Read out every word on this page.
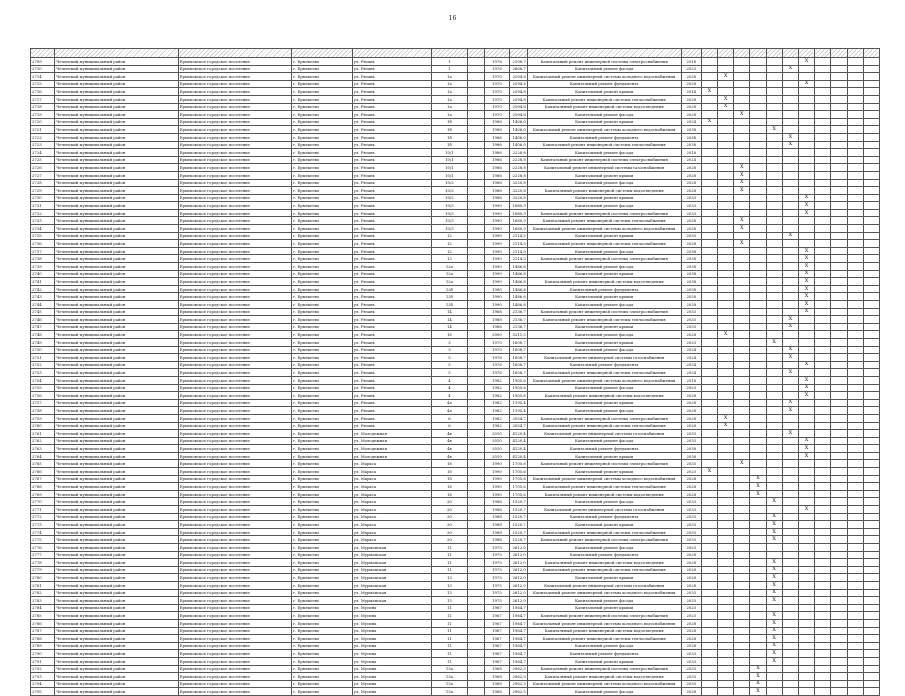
16

2709	Чеченский муниципальный район	Ермековское городское поселение	г. Ермекеево	ул. Рязань	1		1976	2108,7	Капитальный ремонт инженерной системы электроснабжения	2018							X				
2710	Чеченский муниципальный район	Ермековское городское поселение	г. Ермекеево	ул. Рязань	1		1976	2608,7	Капитальный ремонт фасада	2023						X					
2714	Чеченский муниципальный район	Ермековское городское поселение	г. Ермекеево	ул. Рязань	1а		1970	2594,8	Капитальный ремонт инженерной системы холодного водоснабжения	2028		X									
2715	Чеченский муниципальный район	Ермековское городское поселение	г. Ермекеево	ул. Рязань	1а		1970	2594,8	Капитальный ремонт фундамента	2028							X				
2716	Чеченский муниципальный район	Ермековское городское поселение	г. Ермекеево	ул. Рязань	1а		1970	2594,8	Капитальный ремонт крыши	2014	X										
2717	Чеченский муниципальный район	Ермековское городское поселение	г. Ермекеево	ул. Рязань	1а		1970	2594,8	Капитальный ремонт инженерной системы теплоснабжения	2028		X									
2718	Чеченский муниципальный район	Ермековское городское поселение	г. Ермекеево	ул. Рязань	1а		1970	2594,8	Капитальный ремонт инженерной системы водоотведения	2028		X									
2719	Чеченский муниципальный район	Ермековское городское поселение	г. Ермекеево	ул. Рязань	1а		1970	2594,8	Капитальный ремонт фасада	2028			X								
2720	Чеченский муниципальный район	Ермековское городское поселение	г. Ермекеево	ул. Рязань	1б		1986	1406,0	Капитальный ремонт крыши	2024	X										
2721	Чеченский муниципальный район	Ермековское городское поселение	г. Ермекеево	ул. Рязань	1б		1986	1406,0	Капитальный ремонт инженерной системы холодного водоснабжения	2038					X						
2722	Чеченский муниципальный район	Ермековское городское поселение	г. Ермекеево	ул. Рязань	1б		1986	1406,0	Капитальный ремонт фундамента	2038						X					
2723	Чеченский муниципальный район	Ермековское городское поселение	г. Ермекеево	ул. Рязань	1б		1986	1406,0	Капитальный ремонт инженерной системы теплоснабжения	2038						X					
2724	Чеченский муниципальный район	Ермековское городское поселение	г. Ермекеево	ул. Рязань	10/1		1986	2228,8	Капитальный ремонт фасада	2018											
2725	Чеченский муниципальный район	Ермековское городское поселение	г. Ермекеево	ул. Рязань	10/1		1986	2228,8	Капитальный ремонт инженерной системы электроснабжения	2024											
2726	Чеченский муниципальный район	Ермековское городское поселение	г. Ермекеево	ул. Рязань	10/1		1986	2228,8	Капитальный ремонт инженерной системы газоснабжения	2028			X								
2727	Чеченский муниципальный район	Ермековское городское поселение	г. Ермекеево	ул. Рязань	10/1		1986	2228,8	Капитальный ремонт крыши	2028			X								
2728	Чеченский муниципальный район	Ермековское городское поселение	г. Ермекеево	ул. Рязань	10/2		1988	3220,8	Капитальный ремонт фасада	2028			X								
2729	Чеченский муниципальный район	Ермековское городское поселение	г. Ермекеево	ул. Рязань	10/2		1988	3220,8	Капитальный ремонт инженерной системы водоотведения	2028			X								
2730	Чеченский муниципальный район	Ермековское городское поселение	г. Ермекеево	ул. Рязань	10/2		1988	3220,8	Капитальный ремонт крыши	2033							X				
2731	Чеченский муниципальный район	Ермековское городское поселение	г. Ермекеево	ул. Рязань	10/3		1990	1680,9	Капитальный ремонт фасада	2033							X				
2732	Чеченский муниципальный район	Ермековское городское поселение	г. Ермекеево	ул. Рязань	10/3		1990	1680,9	Капитальный ремонт инженерной системы электроснабжения	2033							X				
2733	Чеченский муниципальный район	Ермековское городское поселение	г. Ермекеево	ул. Рязань	10/3		1990	1680,9	Капитальный ремонт инженерной системы теплоснабжения	2028			X								
2734	Чеченский муниципальный район	Ермековское городское поселение	г. Ермекеево	ул. Рязань	10/3		1990	1680,9	Капитальный ремонт инженерной системы холодного водоснабжения	2028			X								
2735	Чеченский муниципальный район	Ермековское городское поселение	г. Ермекеево	ул. Рязань	12		1990	2114,5	Капитальный ремонт крыши	2033						X					
2736	Чеченский муниципальный район	Ермековское городское поселение	г. Ермекеево	ул. Рязань	12		1990	2114,5	Капитальный ремонт инженерной системы теплоснабжения	2028			X								
2737	Чеченский муниципальный район	Ермековское городское поселение	г. Ермекеево	ул. Рязань	12		1990	2114,5	Капитальный ремонт фасада	2038							X				
2738	Чеченский муниципальный район	Ермековское городское поселение	г. Ермекеево	ул. Рязань	12		1990	2114,5	Капитальный ремонт инженерной системы электроснабжения	2038							X				
2739	Чеченский муниципальный район	Ермековское городское поселение	г. Ермекеево	ул. Рязань	12а		1990	1486,8	Капитальный ремонт фасада	2038							X				
2740	Чеченский муниципальный район	Ермековское городское поселение	г. Ермекеево	ул. Рязань	12а		1990	1486,8	Капитальный ремонт крыши	2038							X				
2741	Чеченский муниципальный район	Ермековское городское поселение	г. Ермекеево	ул. Рязань	12а		1990	1486,8	Капитальный ремонт инженерной системы водоотведения	2038							X				
2742	Чеченский муниципальный район	Ермековское городское поселение	г. Ермекеево	ул. Рязань	12б		1990	1486,8	Капитальный ремонт фундамента	2038							X				
2743	Чеченский муниципальный район	Ермековское городское поселение	г. Ермекеево	ул. Рязань	12б		1990	1486,8	Капитальный ремонт крыши	2028							X				
2744	Чеченский муниципальный район	Ермековское городское поселение	г. Ермекеево	ул. Рязань	12б		1990	1486,8	Капитальный ремонт фасада	2028							X				
2745	Чеченский муниципальный район	Ермековское городское поселение	г. Ермекеево	ул. Рязань	14		1988	2136,7	Капитальный ремонт инженерной системы электроснабжения	2033							X				
2746	Чеченский муниципальный район	Ермековское городское поселение	г. Ермекеево	ул. Рязань	14		1988	2136,7	Капитальный ремонт инженерной системы теплоснабжения	2033						X					
2747	Чеченский муниципальный район	Ермековское городское поселение	г. Ермекеево	ул. Рязань	14		1988	2136,7	Капитальный ремонт крыши	2033						X					
2748	Чеченский муниципальный район	Ермековское городское поселение	г. Ермекеево	ул. Рязань	16		2000	3211,5	Капитальный ремонт фасада	2028		X									
2749	Чеченский муниципальный район	Ермековское городское поселение	г. Ермекеево	ул. Рязань	3		1970	1608,7	Капитальный ремонт крыши	2023					X						
2750	Чеченский муниципальный район	Ермековское городское поселение	г. Ермекеево	ул. Рязань	3		1970	1608,7	Капитальный ремонт фасада	2024						X					
2751	Чеченский муниципальный район	Ермековское городское поселение	г. Ермекеево	ул. Рязань	5		1976	1608,7	Капитальный ремонт инженерной системы газоснабжения	2024						X					
2752	Чеченский муниципальный район	Ермековское городское поселение	г. Ермекеево	ул. Рязань	5		1976	1608,7	Капитальный ремонт фундамента	2024							X				
2753	Чеченский муниципальный район	Ермековское городское поселение	г. Ермекеево	ул. Рязань	5		1976	1608,7	Капитальный ремонт инженерной системы теплоснабжения	2024						X					
2754	Чеченский муниципальный район	Ермековское городское поселение	г. Ермекеево	ул. Рязань	4		1982	1905,6	Капитальный ремонт инженерной системы холодного водоснабжения	2018							X				
2755	Чеченский муниципальный район	Ермековское городское поселение	г. Ермекеево	ул. Рязань	4		1982	1905,6	Капитальный ремонт фасада	2023							X				
2756	Чеченский муниципальный район	Ермековское городское поселение	г. Ермекеево	ул. Рязань	4		1982	1905,6	Капитальный ремонт инженерной системы водоотведения	2028							X				
2757	Чеченский муниципальный район	Ермековское городское поселение	г. Ермекеево	ул. Рязань	4а		1982	1195,4	Капитальный ремонт крыши	2028						X					
2758	Чеченский муниципальный район	Ермековское городское поселение	г. Ермекеево	ул. Рязань	4а		1982	1195,4	Капитальный ремонт фасада	2028						X					
2759	Чеченский муниципальный район	Ермековское городское поселение	г. Ермекеево	ул. Рязань	6		1982	2054,7	Капитальный ремонт инженерной системы электроснабжения	2028		X									
2760	Чеченский муниципальный район	Ермековское городское поселение	г. Ермекеево	ул. Рязань	6		1982	2054,7	Капитальный ремонт инженерной системы теплоснабжения	2028		X									
2761	Чеченский муниципальный район	Ермековское городское поселение	г. Ермекеево	ул. Молодежная	4в		2010	4120,4	Капитальный ремонт инженерной системы газоснабжения	2033						X					
2762	Чеченский муниципальный район	Ермековское городское поселение	г. Ермекеево	ул. Молодежная	4в		2010	4120,4	Капитальный ремонт фасада	2033							X				
2763	Чеченский муниципальный район	Ермековское городское поселение	г. Ермекеево	ул. Молодежная	4в		2010	4120,4	Капитальный ремонт фундамента	2038							X				
2764	Чеченский муниципальный район	Ермековское городское поселение	г. Ермекеево	ул. Молодежная	4в		2010	4120,4	Капитальный ремонт крыши	2038							X				
2765	Чеченский муниципальный район	Ермековское городское поселение	г. Ермекеево	ул. Маркса	18		1990	1705,6	Капитальный ремонт инженерной системы электроснабжения	2033			X								
2766	Чеченский муниципальный район	Ермековское городское поселение	г. Ермекеево	ул. Маркса	18		1990	1705,6	Капитальный ремонт крыши	2023	X										
2767	Чеченский муниципальный район	Ермековское городское поселение	г. Ермекеево	ул. Маркса	18		1990	1705,6	Капитальный ремонт инженерной системы холодного водоснабжения	2028				X							
2768	Чеченский муниципальный район	Ермековское городское поселение	г. Ермекеево	ул. Маркса	18		1990	1705,6	Капитальный ремонт инженерной системы теплоснабжения	2028				X							
2769	Чеченский муниципальный район	Ермековское городское поселение	г. Ермекеево	ул. Маркса	18		1990	1705,6	Капитальный ремонт инженерной системы водоотведения	2028				X							
2770	Чеченский муниципальный район	Ермековское городское поселение	г. Ермекеево	ул. Маркса	20		1988	1520,7	Капитальный ремонт фасада	2033					X						
2771	Чеченский муниципальный район	Ермековское городское поселение	г. Ермекеево	ул. Маркса	20		1988	1520,7	Капитальный ремонт инженерной системы газоснабжения	2033							X				
2772	Чеченский муниципальный район	Ермековское городское поселение	г. Ермекеево	ул. Маркса	20		1988	1520,7	Капитальный ремонт фундамента	2033					X						
2773	Чеченский муниципальный район	Ермековское городское поселение	г. Ермекеево	ул. Маркса	20		1988	1520,7	Капитальный ремонт крыши	2033					X						
2774	Чеченский муниципальный район	Ермековское городское поселение	г. Ермекеево	ул. Маркса	20		1988	1520,7	Капитальный ремонт инженерной системы теплоснабжения	2033					X						
2775	Чеченский муниципальный район	Ермековское городское поселение	г. Ермекеево	ул. Маркса	20		1988	1520,7	Капитальный ремонт инженерной системы электроснабжения	2033					X						
2776	Чеченский муниципальный район	Ермековское городское поселение	г. Ермекеево	ул. Мурманская	11		1975	2612,0	Капитальный ремонт фасада	2023											
2777	Чеченский муниципальный район	Ермековское городское поселение	г. Ермекеево	ул. Мурманская	11		1975	2612,0	Капитальный ремонт фундамента	2028											
2778	Чеченский муниципальный район	Ермековское городское поселение	г. Ермекеево	ул. Мурманская	11		1975	2612,0	Капитальный ремонт инженерной системы водоотведения	2028					X						
2779	Чеченский муниципальный район	Ермековское городское поселение	г. Ермекеево	ул. Мурманская	11		1975	2612,0	Капитальный ремонт инженерной системы теплоснабжения	2028					X						
2780	Чеченский муниципальный район	Ермековское городское поселение	г. Ермекеево	ул. Мурманская	13		1975	2612,0	Капитальный ремонт крыши	2028					X						
2781	Чеченский муниципальный район	Ермековское городское поселение	г. Ермекеево	ул. Мурманская	13		1975	2612,0	Капитальный ремонт инженерной системы газоснабжения	2028					X						
2782	Чеченский муниципальный район	Ермековское городское поселение	г. Ермекеево	ул. Мурманская	13		1975	2612,0	Капитальный ремонт инженерной системы холодного водоснабжения	2033					X						
2783	Чеченский муниципальный район	Ермековское городское поселение	г. Ермекеево	ул. Мурманская	13		1975	2612,0	Капитальный ремонт фасада	2033					X						
2784	Чеченский муниципальный район	Ермековское городское поселение	г. Ермекеево	ул. Мусина	11		1967	1964,7	Капитальный ремонт крыши	2023											
2785	Чеченский муниципальный район	Ермековское городское поселение	г. Ермекеево	ул. Мусина	11		1967	1964,7	Капитальный ремонт инженерной системы электроснабжения	2023					X						
2786	Чеченский муниципальный район	Ермековское городское поселение	г. Ермекеево	ул. Мусина	11		1967	1964,7	Капитальный ремонт инженерной системы холодного водоснабжения	2028					X						
2787	Чеченский муниципальный район	Ермековское городское поселение	г. Ермекеево	ул. Мусина	11		1967	1964,7	Капитальный ремонт инженерной системы водоотведения	2028					X						
2788	Чеченский муниципальный район	Ермековское городское поселение	г. Ермекеево	ул. Мусина	11		1967	1964,7	Капитальный ремонт инженерной системы теплоснабжения	2028					X						
2789	Чеченский муниципальный район	Ермековское городское поселение	г. Ермекеево	ул. Мусина	11		1967	1964,7	Капитальный ремонт фасада	2028					X						
2790	Чеченский муниципальный район	Ермековское городское поселение	г. Ермекеево	ул. Мусина	11		1967	1964,7	Капитальный ремонт фундамента	2033					X						
2791	Чеченский муниципальный район	Ермековское городское поселение	г. Ермекеево	ул. Мусина	11		1967	1964,7	Капитальный ремонт крыши	2033					X						
2792	Чеченский муниципальный район	Ермековское городское поселение	г. Ермекеево	ул. Мусина	13а		1968	2962,5	Капитальный ремонт инженерной системы электроснабжения	2033				X							
2793	Чеченский муниципальный район	Ермековское городское поселение	г. Ермекеево	ул. Мусина	13а		1968	2962,5	Капитальный ремонт инженерной системы водоотведения	2033				X							
2794	Чеченский муниципальный район	Ермековское городское поселение	г. Ермекеево	ул. Мусина	13а		1968	2962,5	Капитальный ремонт инженерной системы холодного водоснабжения	2033				X							
2795	Чеченский муниципальный район	Ермековское городское поселение	г. Ермекеево	ул. Мусина	13а		1968	2962,5	Капитальный ремонт фасада	2028				X							
